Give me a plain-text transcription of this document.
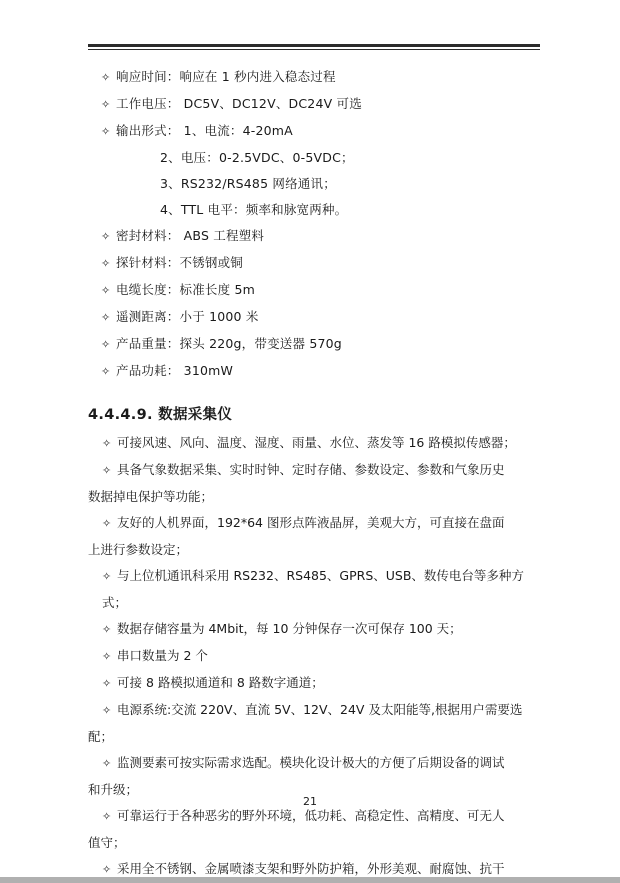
✧ 响应时间：响应在 1 秒内进入稳态过程
✧ 工作电压： DC5V、DC12V、DC24V 可选
✧ 输出形式： 1、电流：4-20mA
2、电压：0-2.5VDC、0-5VDC；
3、RS232/RS485 网络通讯；
4、TTL 电平：频率和脉宽两种。
✧ 密封材料： ABS 工程塑料
✧ 探针材料：不锈钢或铜
✧ 电缆长度：标准长度 5m
✧ 遥测距离：小于 1000 米
✧ 产品重量：探头 220g，带变送器 570g
✧ 产品功耗： 310mW
4.4.4.9. 数据采集仪
✧ 可接风速、风向、温度、湿度、雨量、水位、蒸发等 16 路模拟传感器；
✧ 具备气象数据采集、实时时钟、定时存储、参数设定、参数和气象历史
数据掉电保护等功能；
✧ 友好的人机界面，192*64 图形点阵液晶屏，美观大方，可直接在盘面
上进行参数设定；
✧ 与上位机通讯科采用 RS232、RS485、GPRS、USB、数传电台等多种方式；
✧ 数据存储容量为 4Mbit，每 10 分钟保存一次可保存 100 天；
✧ 串口数量为 2 个
✧ 可接 8 路模拟通道和 8 路数字通道；
✧ 电源系统:交流 220V、直流 5V、12V、24V 及太阳能等,根据用户需要选
配；
✧ 监测要素可按实际需求选配。模块化设计极大的方便了后期设备的调试
和升级；
✧ 可靠运行于各种恶劣的野外环境，低功耗、高稳定性、高精度、可无人
值守；
✧ 采用全不锈钢、金属喷漆支架和野外防护箱，外形美观、耐腐蚀、抗干
21
